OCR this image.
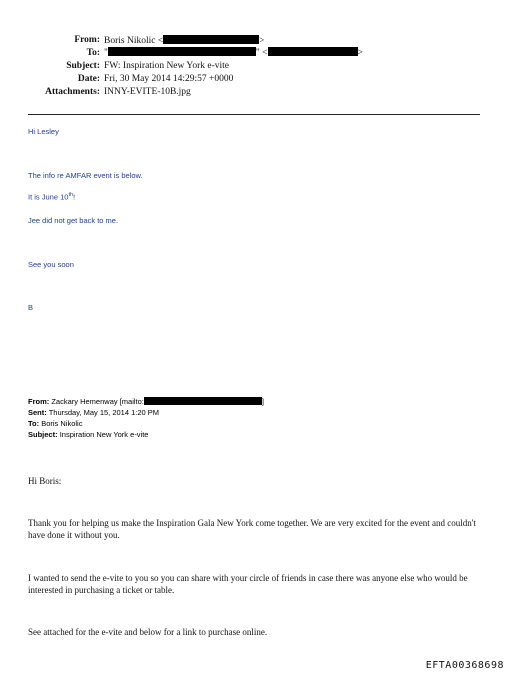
From: Boris Nikolic <	>
To: "	" <	>
Subject: FW: Inspiration New York e-vite
Date: Fri, 30 May 2014 14:29:57 +0000
Attachments: INNY-EVITE-10B.jpg
Hi Lesley
The info re AMFAR event is below.
It is June 10th!
Jee did not get back to me.
See you soon
B
From: Zackary Hemenway [mailto:	]
Sent: Thursday, May 15, 2014 1:20 PM
To: Boris Nikolic
Subject: Inspiration New York e-vite
Hi Boris:
Thank you for helping us make the Inspiration Gala New York come together. We are very excited for the event and couldn't have done it without you.
I wanted to send the e-vite to you so you can share with your circle of friends in case there was anyone else who would be interested in purchasing a ticket or table.
See attached for the e-vite and below for a link to purchase online.
EFTA00368698
